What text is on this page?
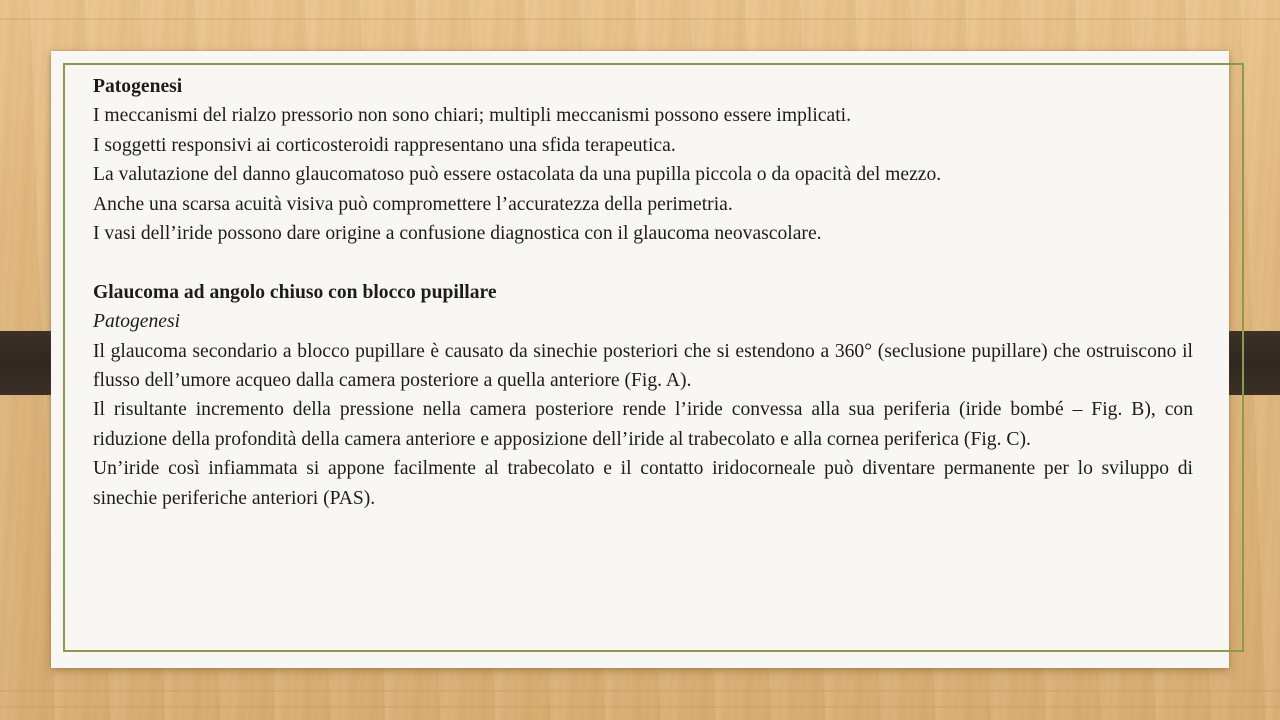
Patogenesi

I meccanismi del rialzo pressorio non sono chiari; multipli meccanismi possono essere implicati.

I soggetti responsivi ai corticosteroidi rappresentano una sfida terapeutica.

La valutazione del danno glaucomatoso può essere ostacolata da una pupilla piccola o da opacità del mezzo.

Anche una scarsa acuità visiva può compromettere l’accuratezza della perimetria.

I vasi dell’iride possono dare origine a confusione diagnostica con il glaucoma neovascolare.

Glaucoma ad angolo chiuso con blocco pupillare

Patogenesi

Il glaucoma secondario a blocco pupillare è causato da sinechie posteriori che si estendono a 360° (seclusione pupillare) che ostruiscono il flusso dell’umore acqueo dalla camera posteriore a quella anteriore (Fig. A).

Il risultante incremento della pressione nella camera posteriore rende l’iride convessa alla sua periferia (iride bombé – Fig. B), con riduzione della profondità della camera anteriore e apposizione dell’iride al trabecolato e alla cornea periferica (Fig. C).

Un’iride così infiammata si appone facilmente al trabecolato e il contatto iridocorneale può diventare permanente per lo sviluppo di sinechie periferiche anteriori (PAS).
